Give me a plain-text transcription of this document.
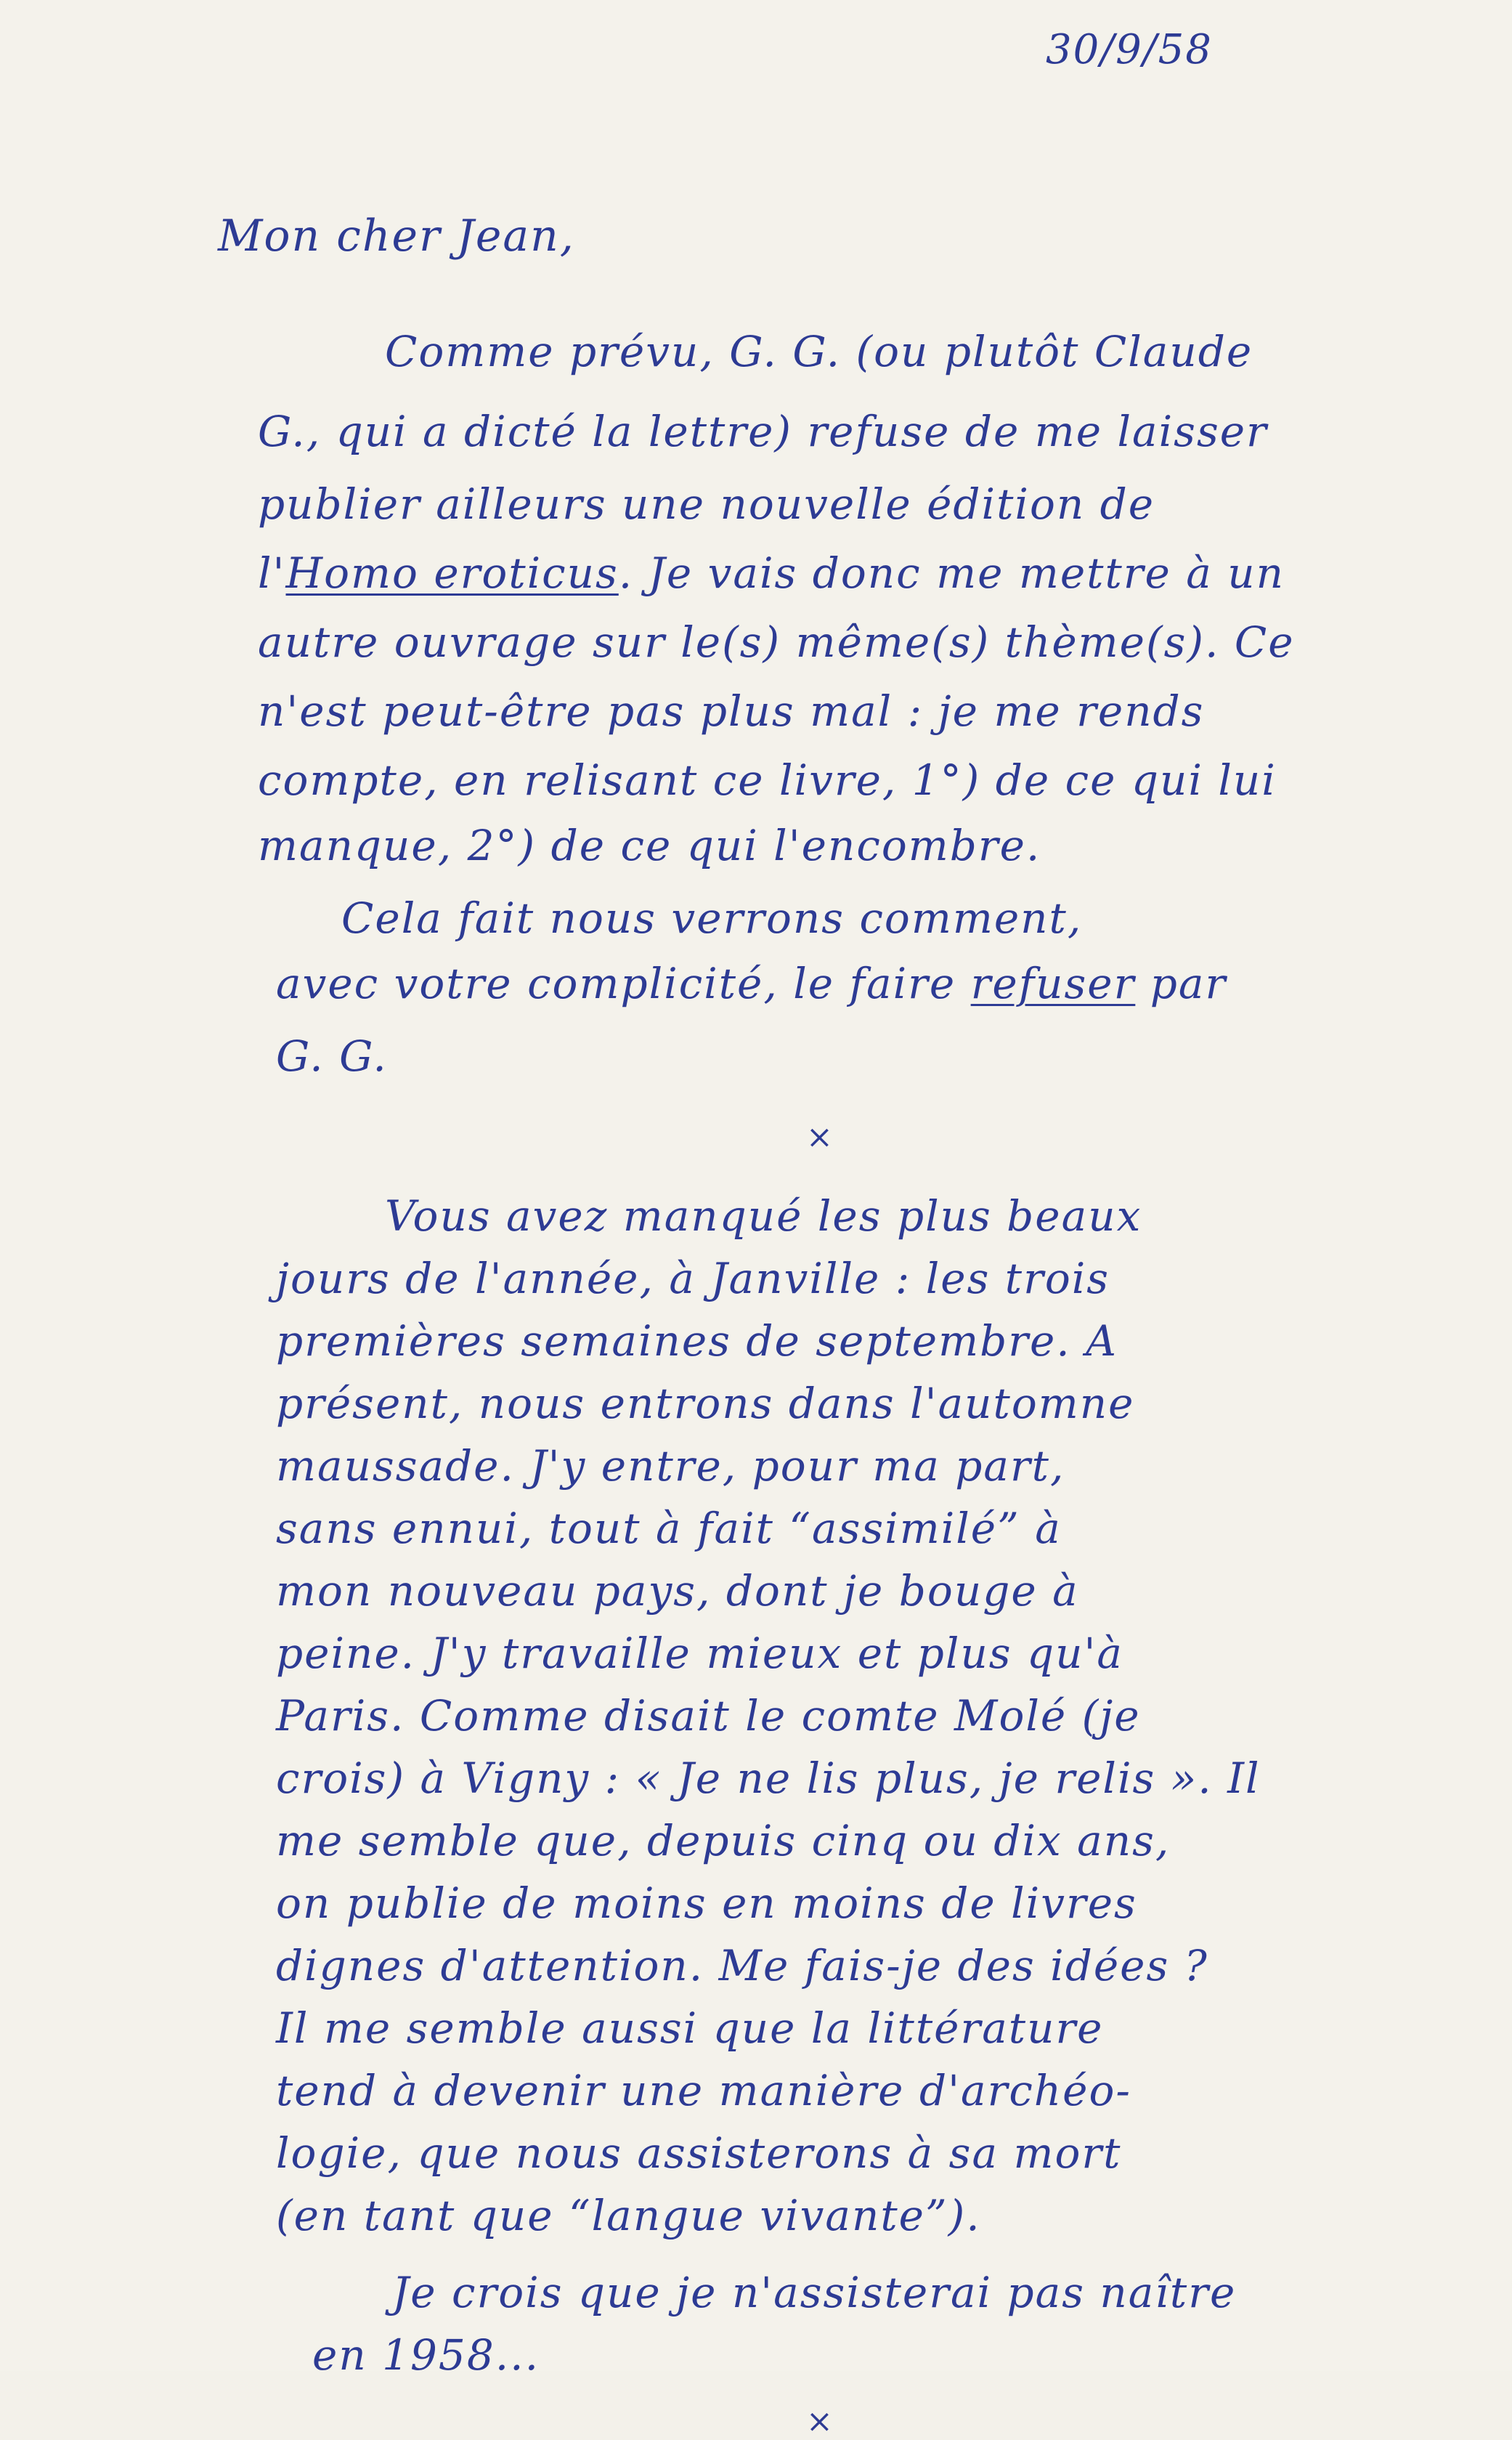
30/9/58
Mon cher Jean,
Comme prévu, G. G. (ou plutôt Claude
G., qui a dicté la lettre) refuse de me laisser
publier ailleurs une nouvelle édition de
l'Homo eroticus. Je vais donc me mettre à un
autre ouvrage sur le(s) même(s) thème(s). Ce
n'est peut-être pas plus mal : je me rends
compte, en relisant ce livre, 1°) de ce qui lui
manque, 2°) de ce qui l'encombre.
Cela fait nous verrons comment,
avec votre complicité, le faire refuser par
G. G.
×
Vous avez manqué les plus beaux
jours de l'année, à Janville : les trois
premières semaines de septembre. A
présent, nous entrons dans l'automne
maussade. J'y entre, pour ma part,
sans ennui, tout à fait “assimilé” à
mon nouveau pays, dont je bouge à
peine. J'y travaille mieux et plus qu'à
Paris. Comme disait le comte Molé (je
crois) à Vigny : « Je ne lis plus, je relis ». Il
me semble que, depuis cinq ou dix ans,
on publie de moins en moins de livres
dignes d'attention. Me fais-je des idées ?
Il me semble aussi que la littérature
tend à devenir une manière d'archéo-
logie, que nous assisterons à sa mort
(en tant que “langue vivante”).
Je crois que je n'assisterai pas naître
en 1958...
×
